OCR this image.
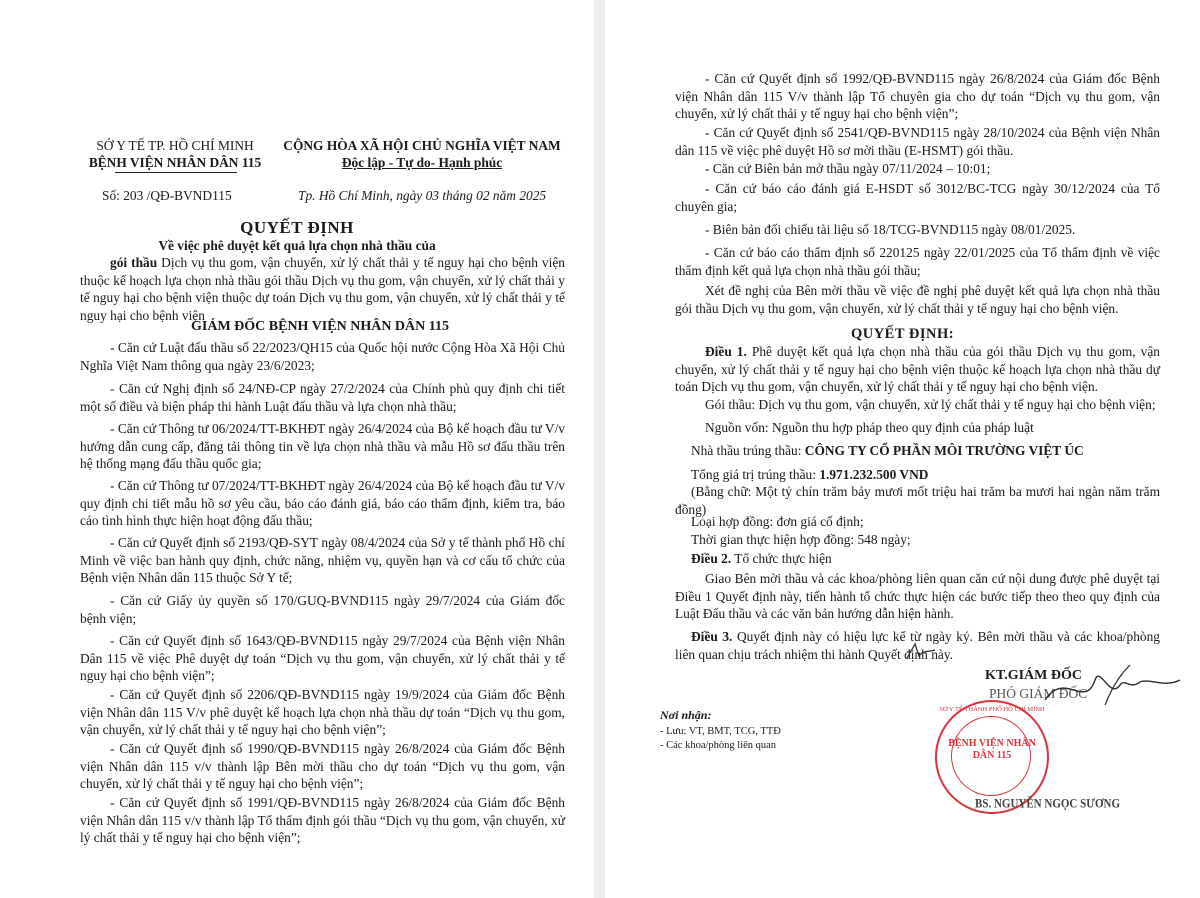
SỞ Y TẾ TP. HỒ CHÍ MINH
BỆNH VIỆN NHÂN DÂN 115
CỘNG HÒA XÃ HỘI CHỦ NGHĨA VIỆT NAM
Độc lập - Tự do- Hạnh phúc
Số: 203 /QĐ-BVND115	Tp. Hồ Chí Minh, ngày 03 tháng 02 năm 2025
QUYẾT ĐỊNH
Về việc phê duyệt kết quả lựa chọn nhà thầu của
gói thầu Dịch vụ thu gom, vận chuyển, xử lý chất thải y tế nguy hại cho bệnh viện thuộc kế hoạch lựa chọn nhà thầu gói thầu Dịch vụ thu gom, vận chuyển, xử lý chất thải y tế nguy hại cho bệnh viện thuộc dự toán Dịch vụ thu gom, vận chuyển, xử lý chất thải y tế nguy hại cho bệnh viện
GIÁM ĐỐC BỆNH VIỆN NHÂN DÂN 115
- Căn cứ Luật đấu thầu số 22/2023/QH15 của Quốc hội nước Cộng Hòa Xã Hội Chủ Nghĩa Việt Nam thông qua ngày 23/6/2023;
- Căn cứ Nghị định số 24/NĐ-CP ngày 27/2/2024 của Chính phủ quy định chi tiết một số điều và biện pháp thi hành Luật đấu thầu và lựa chọn nhà thầu;
- Căn cứ Thông tư 06/2024/TT-BKHĐT ngày 26/4/2024 của Bộ kế hoạch đầu tư V/v hướng dẫn cung cấp, đăng tải thông tin về lựa chọn nhà thầu và mẫu Hồ sơ đấu thầu trên hệ thống mạng đấu thầu quốc gia;
- Căn cứ Thông tư 07/2024/TT-BKHĐT ngày 26/4/2024 của Bộ kế hoạch đầu tư V/v quy định chi tiết mẫu hồ sơ yêu cầu, báo cáo đánh giá, báo cáo thẩm định, kiểm tra, báo cáo tình hình thực hiện hoạt động đấu thầu;
- Căn cứ Quyết định số 2193/QĐ-SYT ngày 08/4/2024 của Sở y tế thành phố Hồ chí Minh về việc ban hành quy định, chức năng, nhiệm vụ, quyền hạn và cơ cấu tổ chức của Bệnh viện Nhân dân 115 thuộc Sở Y tế;
- Căn cứ Giấy ủy quyền số 170/GUQ-BVND115 ngày 29/7/2024 của Giám đốc bệnh viện;
- Căn cứ Quyết định số 1643/QĐ-BVND115 ngày 29/7/2024 của Bệnh viện Nhân Dân 115 về việc Phê duyệt dự toán “Dịch vụ thu gom, vận chuyển, xử lý chất thải y tế nguy hại cho bệnh viện”;
- Căn cứ Quyết định số 2206/QĐ-BVND115 ngày 19/9/2024 của Giám đốc Bệnh viện Nhân dân 115 V/v phê duyệt kế hoạch lựa chọn nhà thầu dự toán “Dịch vụ thu gom, vận chuyển, xử lý chất thải y tế nguy hại cho bệnh viện”;
- Căn cứ Quyết định số 1990/QĐ-BVND115 ngày 26/8/2024 của Giám đốc Bệnh viện Nhân dân 115 v/v thành lập Bên mời thầu cho dự toán “Dịch vụ thu gom, vận chuyển, xử lý chất thải y tế nguy hại cho bệnh viện”;
- Căn cứ Quyết định số 1991/QĐ-BVND115 ngày 26/8/2024 của Giám đốc Bệnh viện Nhân dân 115 v/v thành lập Tổ thẩm định gói thầu “Dịch vụ thu gom, vận chuyển, xử lý chất thải y tế nguy hại cho bệnh viện”;
- Căn cứ Quyết định số 1992/QĐ-BVND115 ngày 26/8/2024 của Giám đốc Bệnh viện Nhân dân 115 V/v thành lập Tổ chuyên gia cho dự toán “Dịch vụ thu gom, vận chuyển, xử lý chất thải y tế nguy hại cho bệnh viện”;
- Căn cứ Quyết định số 2541/QĐ-BVND115 ngày 28/10/2024 của Bệnh viện Nhân dân 115 về việc phê duyệt Hồ sơ mời thầu (E-HSMT) gói thầu.
- Căn cứ Biên bản mở thầu ngày 07/11/2024 – 10:01;
- Căn cứ báo cáo đánh giá E-HSDT số 3012/BC-TCG ngày 30/12/2024 của Tổ chuyên gia;
- Biên bản đối chiếu tài liệu số 18/TCG-BVND115 ngày 08/01/2025.
- Căn cứ báo cáo thẩm định số 220125 ngày 22/01/2025 của Tổ thẩm định về việc thẩm định kết quả lựa chọn nhà thầu gói thầu;
Xét đề nghị của Bên mời thầu về việc đề nghị phê duyệt kết quả lựa chọn nhà thầu gói thầu Dịch vụ thu gom, vận chuyển, xử lý chất thải y tế nguy hại cho bệnh viện.
QUYẾT ĐỊNH:
Điều 1. Phê duyệt kết quả lựa chọn nhà thầu của gói thầu Dịch vụ thu gom, vận chuyển, xử lý chất thải y tế nguy hại cho bệnh viện thuộc kế hoạch lựa chọn nhà thầu dự toán Dịch vụ thu gom, vận chuyển, xử lý chất thải y tế nguy hại cho bệnh viện.
Gói thầu: Dịch vụ thu gom, vận chuyển, xử lý chất thải y tế nguy hại cho bệnh viện;
Nguồn vốn: Nguồn thu hợp pháp theo quy định của pháp luật
Nhà thầu trúng thầu: CÔNG TY CỔ PHẦN MÔI TRƯỜNG VIỆT ÚC
Tổng giá trị trúng thầu: 1.971.232.500 VND
(Bằng chữ: Một tỷ chín trăm bảy mươi mốt triệu hai trăm ba mươi hai ngàn năm trăm đồng)
Loại hợp đồng: đơn giá cố định;
Thời gian thực hiện hợp đồng: 548 ngày;
Điều 2. Tổ chức thực hiện
Giao Bên mời thầu và các khoa/phòng liên quan căn cứ nội dung được phê duyệt tại Điều 1 Quyết định này, tiến hành tổ chức thực hiện các bước tiếp theo theo quy định của Luật Đấu thầu và các văn bản hướng dẫn hiện hành.
Điều 3. Quyết định này có hiệu lực kể từ ngày ký. Bên mời thầu và các khoa/phòng liên quan chịu trách nhiệm thi hành Quyết định này.
Nơi nhận:
- Lưu: VT, BMT, TCG, TTĐ
- Các khoa/phòng liên quan
KT.GIÁM ĐỐC
PHÓ GIÁM ĐỐC
BỆNH VIỆN NHÂN DÂN 115
SỞ Y TẾ THÀNH PHỐ HỒ CHÍ MINH
BS. NGUYỄN NGỌC SƯƠNG
